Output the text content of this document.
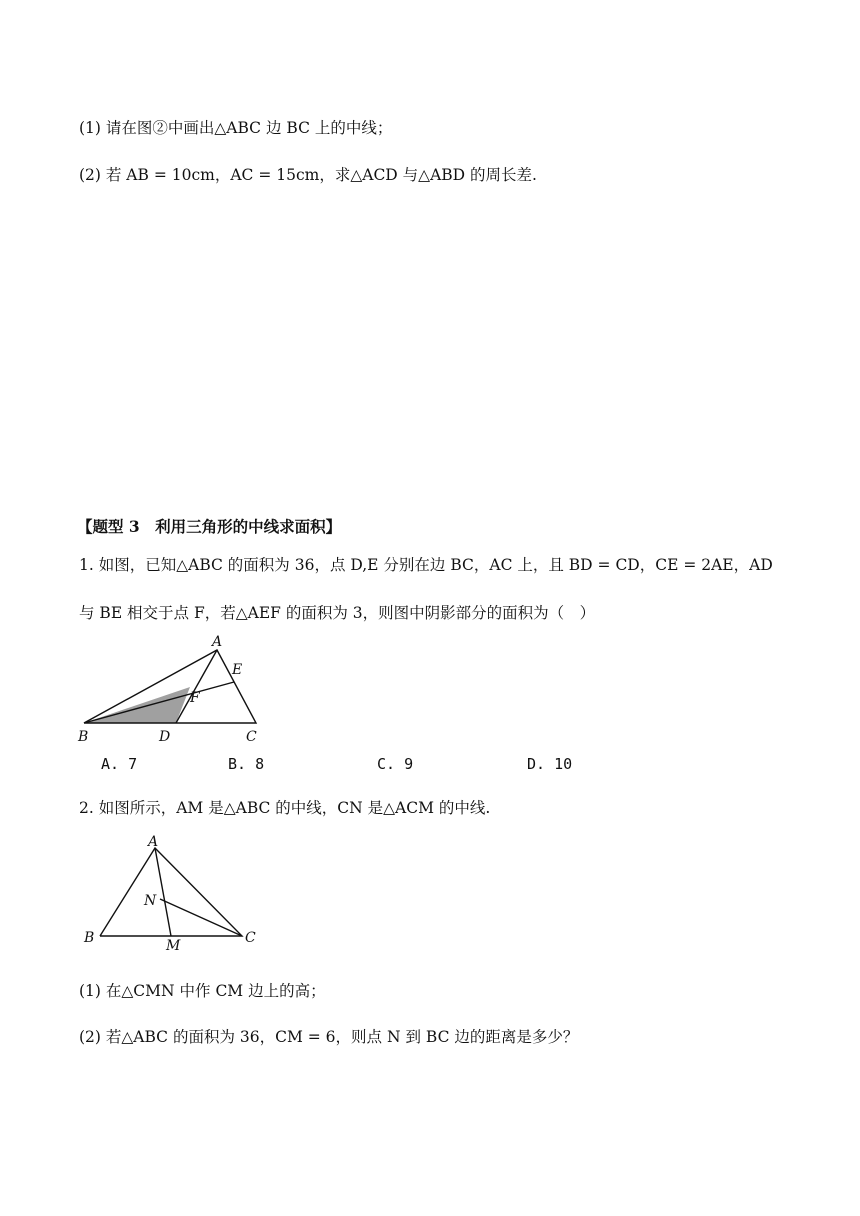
(1) 请在图②中画出△ABC 边 BC 上的中线；
(2) 若 AB = 10cm，AC = 15cm，求△ACD 与△ABD 的周长差.
【题型 3　利用三角形的中线求面积】
1. 如图，已知△ABC 的面积为 36，点 D,E 分别在边 BC，AC 上，且 BD = CD，CE = 2AE，AD
与 BE 相交于点 F，若△AEF 的面积为 3，则图中阴影部分的面积为（　）
A
E
F
B	D	C
A. 7	B. 8	C. 9	D. 10
2. 如图所示，AM 是△ABC 的中线，CN 是△ACM 的中线.
A
N
B	M	C
(1) 在△CMN 中作 CM 边上的高；
(2) 若△ABC 的面积为 36，CM = 6，则点 N 到 BC 边的距离是多少？
